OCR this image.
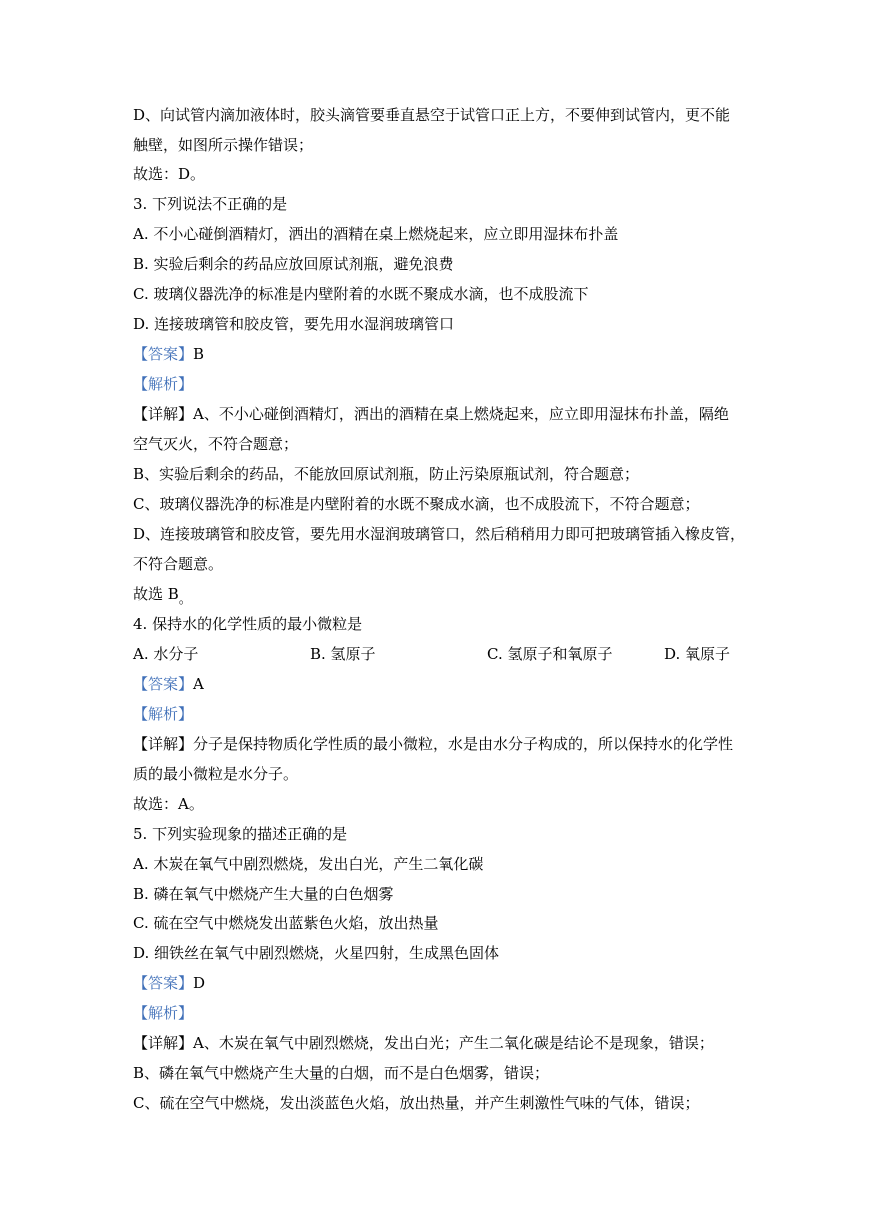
D、向试管内滴加液体时，胶头滴管要垂直悬空于试管口正上方，不要伸到试管内，更不能
触壁，如图所示操作错误；
故选：D。
3. 下列说法不正确的是
A. 不小心碰倒酒精灯，洒出的酒精在桌上燃烧起来，应立即用湿抹布扑盖
B. 实验后剩余的药品应放回原试剂瓶，避免浪费
C. 玻璃仪器洗净的标准是内壁附着的水既不聚成水滴，也不成股流下
D. 连接玻璃管和胶皮管，要先用水湿润玻璃管口
【答案】B
【解析】
【详解】A、不小心碰倒酒精灯，洒出的酒精在桌上燃烧起来，应立即用湿抹布扑盖，隔绝
空气灭火，不符合题意；
B、实验后剩余的药品，不能放回原试剂瓶，防止污染原瓶试剂，符合题意；
C、玻璃仪器洗净的标准是内壁附着的水既不聚成水滴，也不成股流下，不符合题意；
D、连接玻璃管和胶皮管，要先用水湿润玻璃管口，然后稍稍用力即可把玻璃管插入橡皮管，
不符合题意。
故选 B。
4. 保持水的化学性质的最小微粒是
A. 水分子	B. 氢原子	C. 氢原子和氧原子	D. 氧原子
【答案】A
【解析】
【详解】分子是保持物质化学性质的最小微粒，水是由水分子构成的，所以保持水的化学性
质的最小微粒是水分子。
故选：A。
5. 下列实验现象的描述正确的是
A. 木炭在氧气中剧烈燃烧，发出白光，产生二氧化碳
B. 磷在氧气中燃烧产生大量的白色烟雾
C. 硫在空气中燃烧发出蓝紫色火焰，放出热量
D. 细铁丝在氧气中剧烈燃烧，火星四射，生成黑色固体
【答案】D
【解析】
【详解】A、木炭在氧气中剧烈燃烧，发出白光；产生二氧化碳是结论不是现象，错误；
B、磷在氧气中燃烧产生大量的白烟，而不是白色烟雾，错误；
C、硫在空气中燃烧，发出淡蓝色火焰，放出热量，并产生刺激性气味的气体，错误；
